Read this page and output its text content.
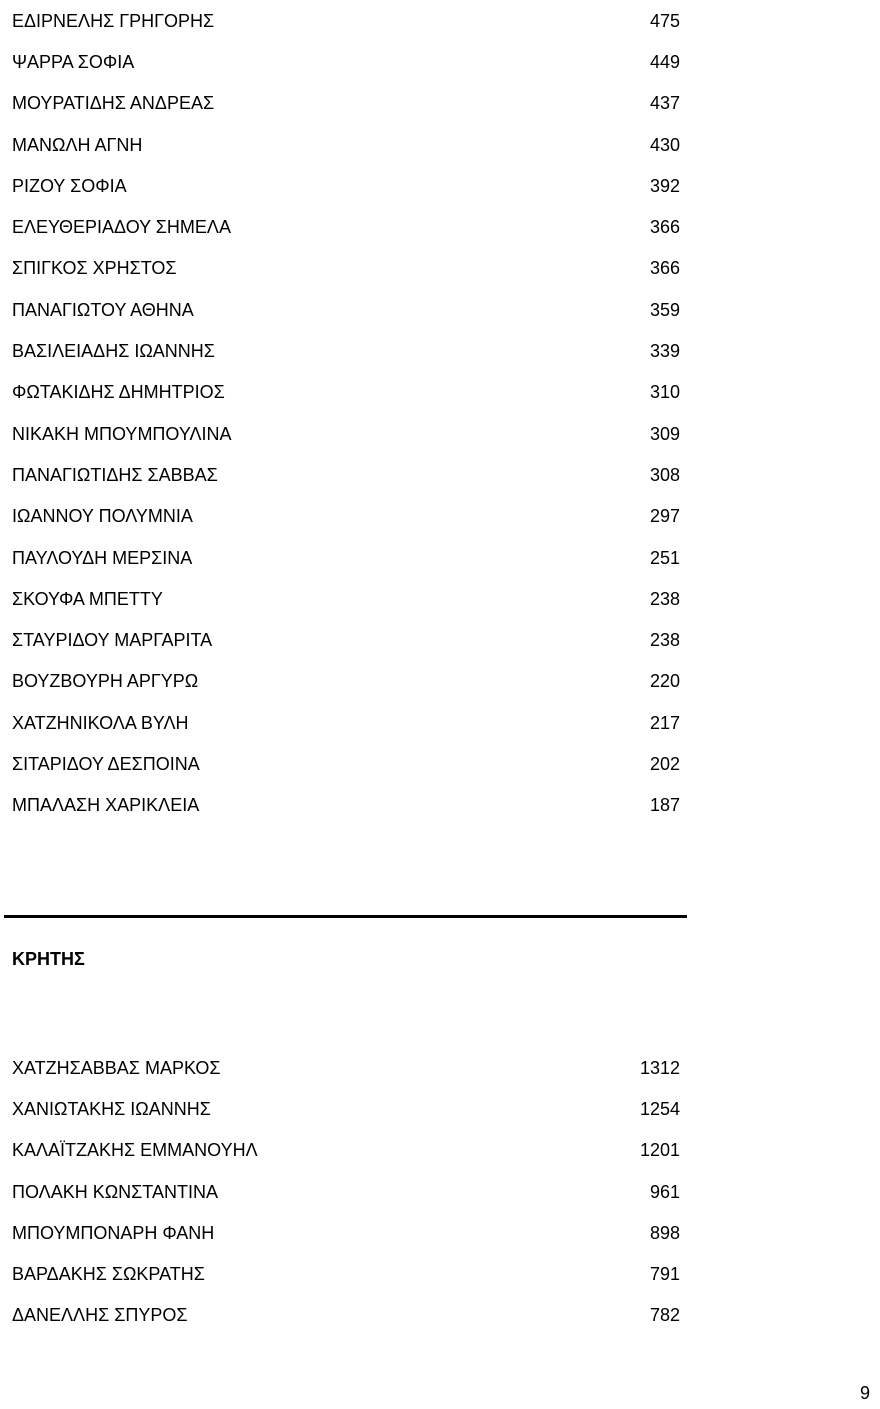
ΕΔΙΡΝΕΛΗΣ ΓΡΗΓΟΡΗΣ	475
ΨΑΡΡΑ ΣΟΦΙΑ	449
ΜΟΥΡΑΤΙΔΗΣ ΑΝΔΡΕΑΣ	437
ΜΑΝΩΛΗ ΑΓΝΗ	430
ΡΙΖΟΥ ΣΟΦΙΑ	392
ΕΛΕΥΘΕΡΙΑΔΟΥ ΣΗΜΕΛΑ	366
ΣΠΙΓΚΟΣ ΧΡΗΣΤΟΣ	366
ΠΑΝΑΓΙΩΤΟΥ ΑΘΗΝΑ	359
ΒΑΣΙΛΕΙΑΔΗΣ ΙΩΑΝΝΗΣ	339
ΦΩΤΑΚΙΔΗΣ ΔΗΜΗΤΡΙΟΣ	310
ΝΙΚΑΚΗ ΜΠΟΥΜΠΟΥΛΙΝΑ	309
ΠΑΝΑΓΙΩΤΙΔΗΣ ΣΑΒΒΑΣ	308
ΙΩΑΝΝΟΥ ΠΟΛΥΜΝΙΑ	297
ΠΑΥΛΟΥΔΗ ΜΕΡΣΙΝΑ	251
ΣΚΟΥΦΑ ΜΠΕΤΤΥ	238
ΣΤΑΥΡΙΔΟΥ ΜΑΡΓΑΡΙΤΑ	238
ΒΟΥΖΒΟΥΡΗ ΑΡΓΥΡΩ	220
ΧΑΤΖΗΝΙΚΟΛΑ ΒΥΛΗ	217
ΣΙΤΑΡΙΔΟΥ ΔΕΣΠΟΙΝΑ	202
ΜΠΑΛΑΣΗ ΧΑΡΙΚΛΕΙΑ	187
ΚΡΗΤΗΣ
ΧΑΤΖΗΣΑΒΒΑΣ ΜΑΡΚΟΣ	1312
ΧΑΝΙΩΤΑΚΗΣ ΙΩΑΝΝΗΣ	1254
ΚΑΛΑΪΤΖΑΚΗΣ ΕΜΜΑΝΟΥΗΛ	1201
ΠΟΛΑΚΗ ΚΩΝΣΤΑΝΤΙΝΑ	961
ΜΠΟΥΜΠΟΝΑΡΗ ΦΑΝΗ	898
ΒΑΡΔΑΚΗΣ ΣΩΚΡΑΤΗΣ	791
ΔΑΝΕΛΛΗΣ ΣΠΥΡΟΣ	782
9
